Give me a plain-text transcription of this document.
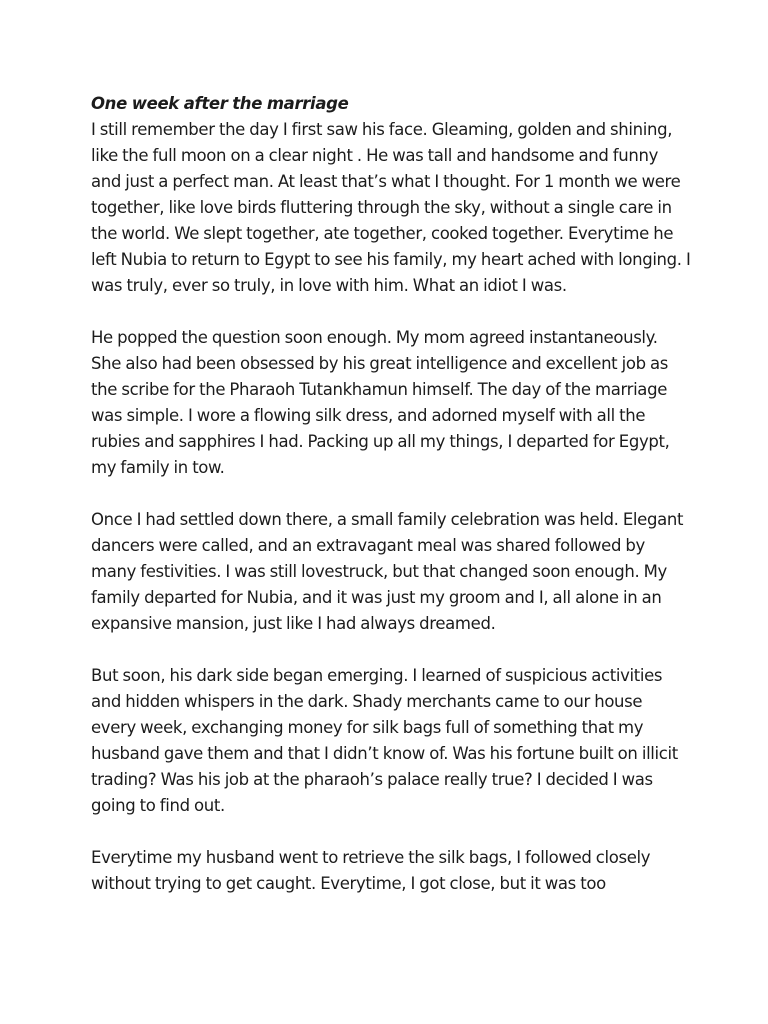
One week after the marriage

I still remember the day I first saw his face. Gleaming, golden and shining, like the full moon on a clear night . He was tall and handsome and funny and just a perfect man. At least that’s what I thought. For 1 month we were together, like love birds fluttering through the sky, without a single care in the world. We slept together, ate together, cooked together. Everytime he left Nubia to return to Egypt to see his family, my heart ached with longing. I was truly, ever so truly, in love with him. What an idiot I was.

He popped the question soon enough. My mom agreed instantaneously. She also had been obsessed by his great intelligence and excellent job as the scribe for the Pharaoh Tutankhamun himself. The day of the marriage was simple. I wore a flowing silk dress, and adorned myself with all the rubies and sapphires I had. Packing up all my things, I departed for Egypt, my family in tow.

Once I had settled down there, a small family celebration was held. Elegant dancers were called, and an extravagant meal was shared followed by many festivities. I was still lovestruck, but that changed soon enough. My family departed for Nubia, and it was just my groom and I, all alone in an expansive mansion, just like I had always dreamed.

But soon, his dark side began emerging. I learned of suspicious activities and hidden whispers in the dark. Shady merchants came to our house every week, exchanging money for silk bags full of something that my husband gave them and that I didn’t know of. Was his fortune built on illicit trading? Was his job at the pharaoh’s palace really true? I decided I was going to find out.

Everytime my husband went to retrieve the silk bags, I followed closely without trying to get caught. Everytime, I got close, but it was too
